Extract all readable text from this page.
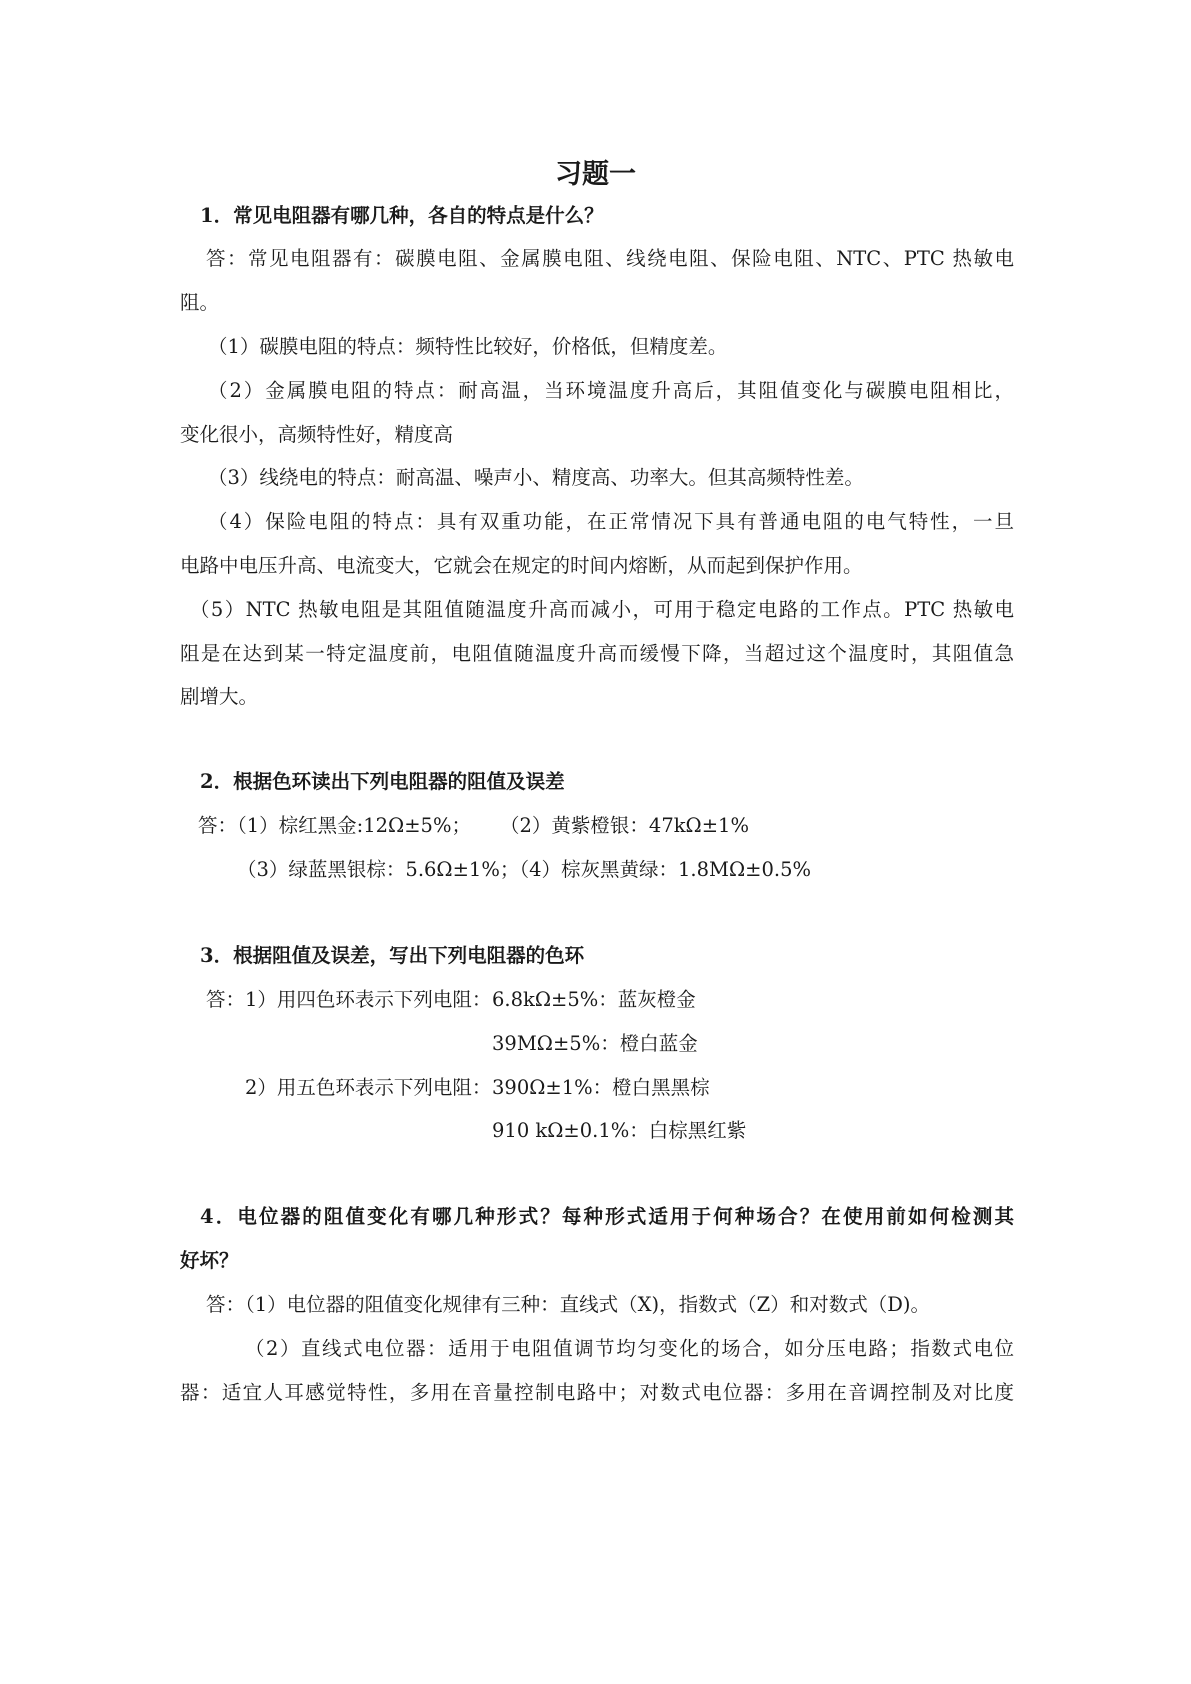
习题一
1．常见电阻器有哪几种，各自的特点是什么？
答：常见电阻器有：碳膜电阻、金属膜电阻、线绕电阻、保险电阻、NTC、PTC 热敏电
阻。
（1）碳膜电阻的特点：频特性比较好，价格低，但精度差。
（2）金属膜电阻的特点：耐高温，当环境温度升高后，其阻值变化与碳膜电阻相比，
变化很小，高频特性好，精度高
（3）线绕电的特点：耐高温、噪声小、精度高、功率大。但其高频特性差。
（4）保险电阻的特点：具有双重功能，在正常情况下具有普通电阻的电气特性，一旦
电路中电压升高、电流变大，它就会在规定的时间内熔断，从而起到保护作用。
（5）NTC 热敏电阻是其阻值随温度升高而减小，可用于稳定电路的工作点。PTC 热敏电
阻是在达到某一特定温度前，电阻值随温度升高而缓慢下降，当超过这个温度时，其阻值急
剧增大。
2．根据色环读出下列电阻器的阻值及误差
答：（1）棕红黑金:12Ω±5%； （2）黄紫橙银：47kΩ±1%
（3）绿蓝黑银棕：5.6Ω±1%；（4）棕灰黑黄绿：1.8MΩ±0.5%
3．根据阻值及误差，写出下列电阻器的色环
答：1）用四色环表示下列电阻： 6.8kΩ±5%：蓝灰橙金
39MΩ±5%：橙白蓝金
2）用五色环表示下列电阻： 390Ω±1%：橙白黑黑棕
910 kΩ±0.1%：白棕黑红紫
4．电位器的阻值变化有哪几种形式？每种形式适用于何种场合？在使用前如何检测其
好坏？
答：（1）电位器的阻值变化规律有三种：直线式（X)，指数式（Z）和对数式（D)。
（2）直线式电位器：适用于电阻值调节均匀变化的场合，如分压电路；指数式电位
器：适宜人耳感觉特性，多用在音量控制电路中；对数式电位器：多用在音调控制及对比度
